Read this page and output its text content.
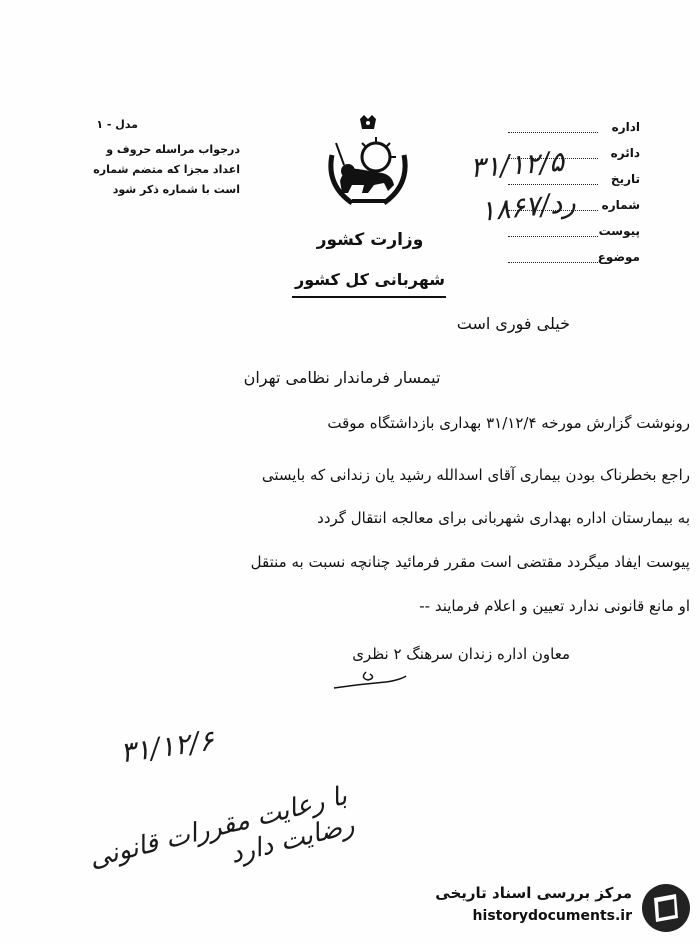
مدل - ۱
درجواب مراسله حروف و اعداد مجزا که متضم شماره است با شماره ذکر شود
اداره
دائره
تاریخ
شماره
پیوست
موضوع
۳۱/۱۲/۵
۱۸۶۷/رد
وزارت کشور
شهربانی کل کشور
خیلی فوری است
تیمسار فرماندار نظامی تهران
رونوشت گزارش مورخه ۳۱/۱۲/۴ بهداری بازداشتگاه موقت
راجع بخطرناک بودن بیماری آقای اسدالله رشید یان زندانی که بایستی
به بیمارستان اداره بهداری شهربانی برای معالجه انتقال گردد
پیوست ایفاد میگردد مقتضی است مقرر فرمائید چنانچه نسبت به منتقل
او مانع قانونی ندارد تعیین و اعلام فرمایند --
معاون اداره زندان سرهنگ ۲ نظری
۳۱/۱۲/۶
با رعایت مقررات قانونی رضایت دارد
مرکز بررسی اسناد تاریخی
historydocuments.ir
